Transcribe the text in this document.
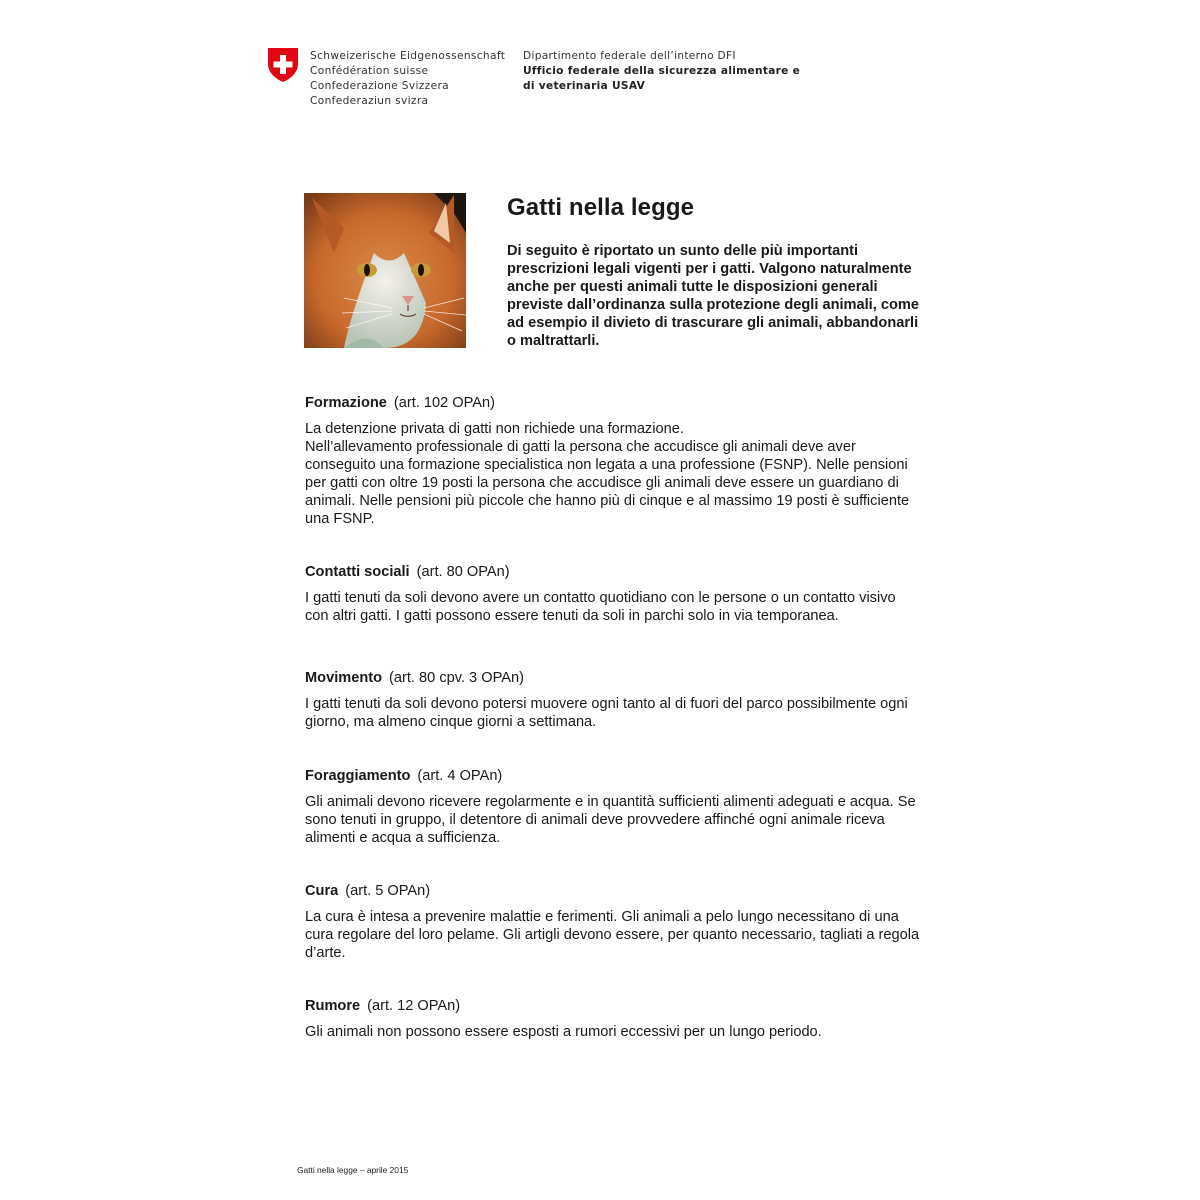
Schweizerische Eidgenossenschaft
Confédération suisse
Confederazione Svizzera
Confederaziun svizra
Dipartimento federale dell’interno DFI
Ufficio federale della sicurezza alimentare e
di veterinaria USAV
Gatti nella legge

Di seguito è riportato un sunto delle più importanti
prescrizioni legali vigenti per i gatti. Valgono naturalmente
anche per questi animali tutte le disposizioni generali
previste dall’ordinanza sulla protezione degli animali, come
ad esempio il divieto di trascurare gli animali, abbandonarli
o maltrattarli.

Formazione (art. 102 OPAn)
La detenzione privata di gatti non richiede una formazione.
Nell’allevamento professionale di gatti la persona che accudisce gli animali deve aver
conseguito una formazione specialistica non legata a una professione (FSNP). Nelle pensioni
per gatti con oltre 19 posti la persona che accudisce gli animali deve essere un guardiano di
animali. Nelle pensioni più piccole che hanno più di cinque e al massimo 19 posti è sufficiente
una FSNP.
Contatti sociali (art. 80 OPAn)
I gatti tenuti da soli devono avere un contatto quotidiano con le persone o un contatto visivo
con altri gatti. I gatti possono essere tenuti da soli in parchi solo in via temporanea.
Movimento (art. 80 cpv. 3 OPAn)
I gatti tenuti da soli devono potersi muovere ogni tanto al di fuori del parco possibilmente ogni
giorno, ma almeno cinque giorni a settimana.
Foraggiamento (art. 4 OPAn)
Gli animali devono ricevere regolarmente e in quantità sufficienti alimenti adeguati e acqua. Se
sono tenuti in gruppo, il detentore di animali deve provvedere affinché ogni animale riceva
alimenti e acqua a sufficienza.
Cura (art. 5 OPAn)
La cura è intesa a prevenire malattie e ferimenti. Gli animali a pelo lungo necessitano di una
cura regolare del loro pelame. Gli artigli devono essere, per quanto necessario, tagliati a regola
d’arte.
Rumore (art. 12 OPAn)
Gli animali non possono essere esposti a rumori eccessivi per un lungo periodo.
Gatti nella legge – aprile 2015
